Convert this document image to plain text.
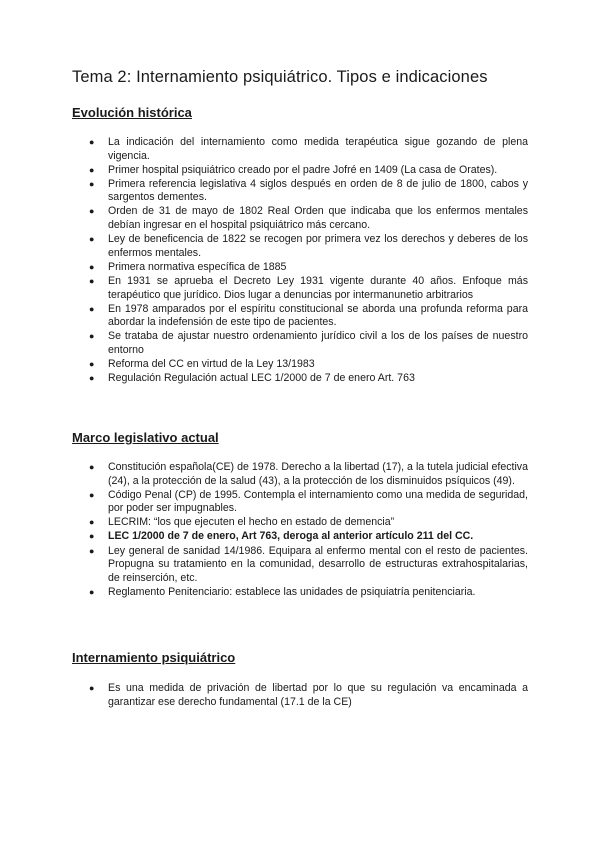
Tema 2: Internamiento psiquiátrico. Tipos e indicaciones
Evolución histórica
● La indicación del internamiento como medida terapéutica sigue gozando de plena vigencia.
● Primer hospital psiquiátrico creado por el padre Jofré en 1409 (La casa de Orates).
● Primera referencia legislativa 4 siglos después en orden de 8 de julio de 1800, cabos y sargentos dementes.
● Orden de 31 de mayo de 1802 Real Orden que indicaba que los enfermos mentales debían ingresar en el hospital psiquiátrico más cercano.
● Ley de beneficencia de 1822 se recogen por primera vez los derechos y deberes de los enfermos mentales.
● Primera normativa específica de 1885
● En 1931 se aprueba el Decreto Ley 1931 vigente durante 40 años. Enfoque más terapéutico que jurídico. Dios lugar a denuncias por intermanunetio arbitrarios
● En 1978 amparados por el espíritu constitucional se aborda una profunda reforma para abordar la indefensión de este tipo de pacientes.
● Se trataba de ajustar nuestro ordenamiento jurídico civil a los de los países de nuestro entorno
● Reforma del CC en virtud de la Ley 13/1983
● Regulación Regulación actual LEC 1/2000 de 7 de enero Art. 763
Marco legislativo actual
● Constitución española(CE) de 1978. Derecho a la libertad (17), a la tutela judicial efectiva (24), a la protección de la salud (43), a la protección de los disminuidos psíquicos (49).
● Código Penal (CP) de 1995. Contempla el internamiento como una medida de seguridad, por poder ser impugnables.
● LECRIM: “los que ejecuten el hecho en estado de demencia”
● LEC 1/2000 de 7 de enero, Art 763, deroga al anterior artículo 211 del CC.
● Ley general de sanidad 14/1986. Equipara al enfermo mental con el resto de pacientes. Propugna su tratamiento en la comunidad, desarrollo de estructuras extrahospitalarias, de reinserción, etc.
● Reglamento Penitenciario: establece las unidades de psiquiatría penitenciaria.
Internamiento psiquiátrico
● Es una medida de privación de libertad por lo que su regulación va encaminada a garantizar ese derecho fundamental (17.1 de la CE)
